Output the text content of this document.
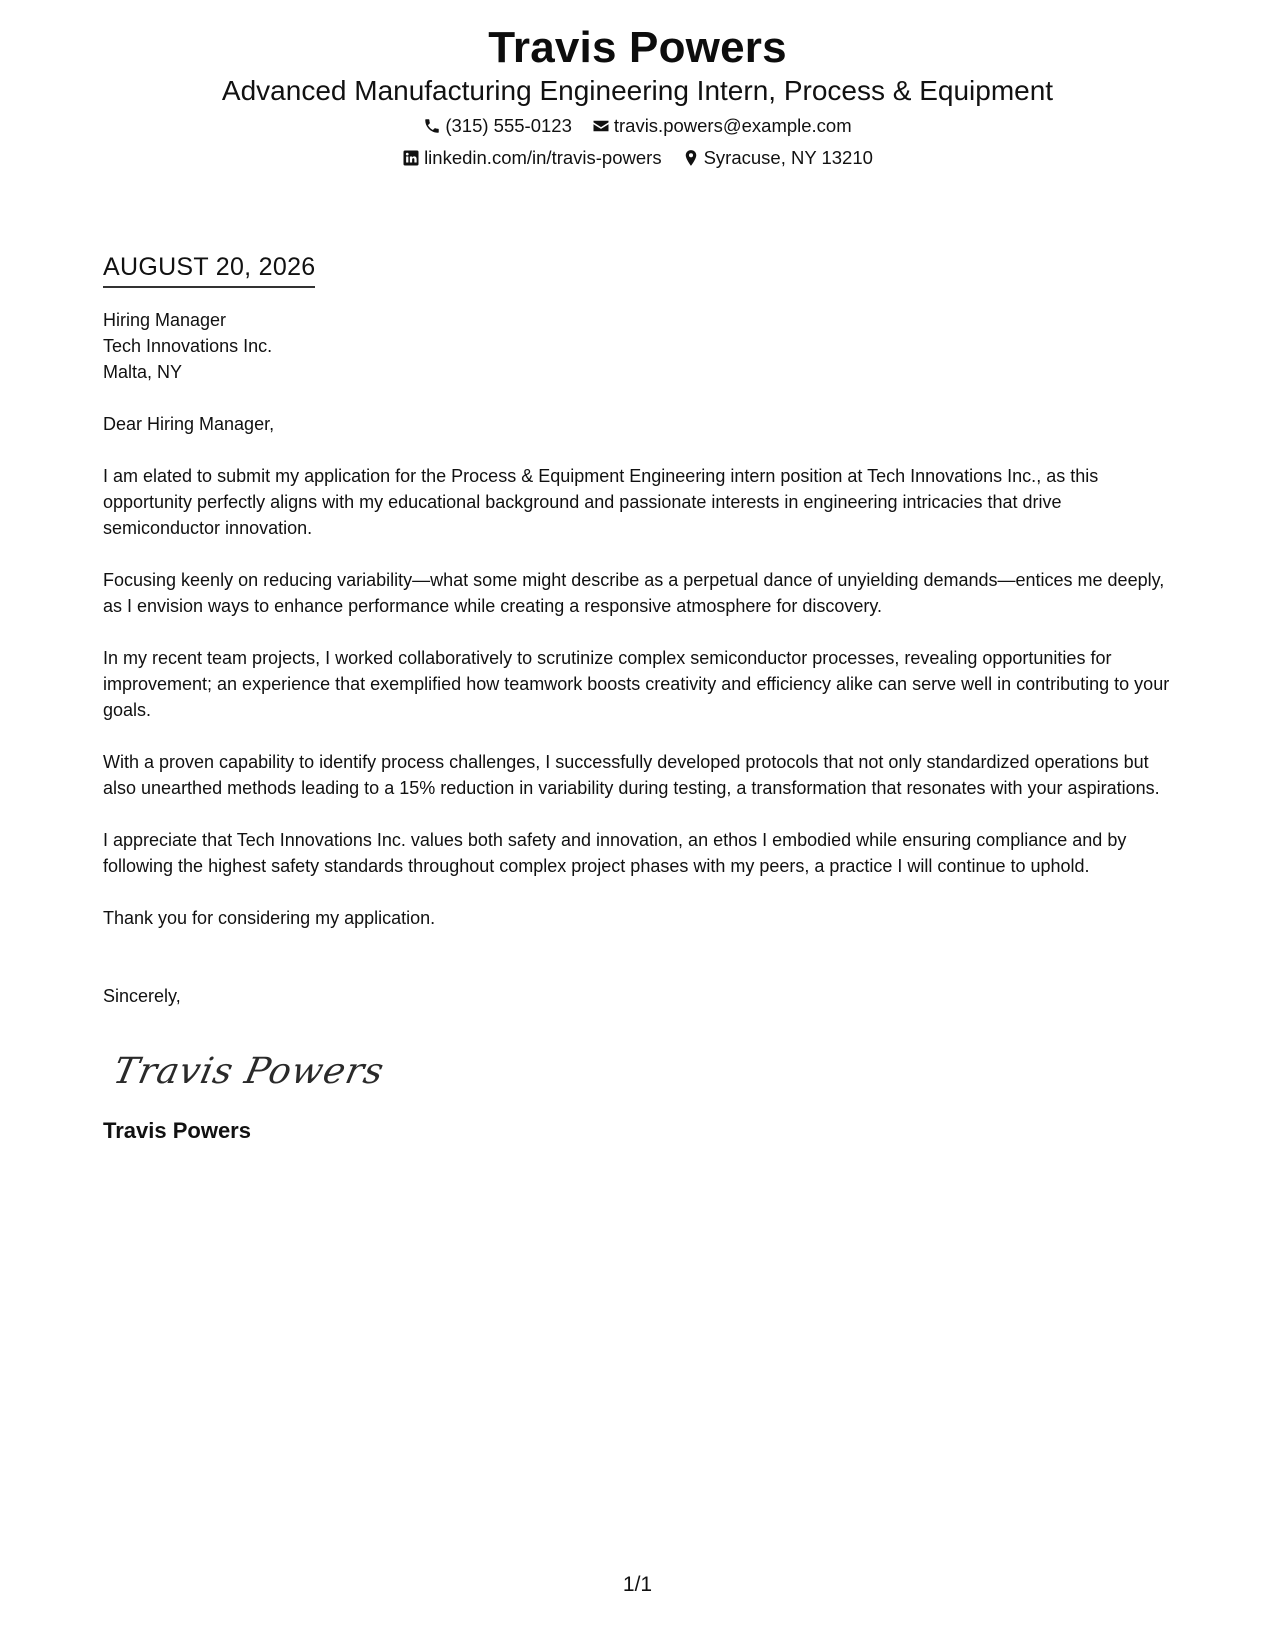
Travis Powers
Advanced Manufacturing Engineering Intern, Process & Equipment
(315) 555-0123 travis.powers@example.com
linkedin.com/in/travis-powers Syracuse, NY 13210
AUGUST 20, 2026
Hiring Manager
Tech Innovations Inc.
Malta, NY
Dear Hiring Manager,
I am elated to submit my application for the Process & Equipment Engineering intern position at Tech Innovations Inc., as this opportunity perfectly aligns with my educational background and passionate interests in engineering intricacies that drive semiconductor innovation.
Focusing keenly on reducing variability—what some might describe as a perpetual dance of unyielding demands—entices me deeply, as I envision ways to enhance performance while creating a responsive atmosphere for discovery.
In my recent team projects, I worked collaboratively to scrutinize complex semiconductor processes, revealing opportunities for improvement; an experience that exemplified how teamwork boosts creativity and efficiency alike can serve well in contributing to your goals.
With a proven capability to identify process challenges, I successfully developed protocols that not only standardized operations but also unearthed methods leading to a 15% reduction in variability during testing, a transformation that resonates with your aspirations.
I appreciate that Tech Innovations Inc. values both safety and innovation, an ethos I embodied while ensuring compliance and by following the highest safety standards throughout complex project phases with my peers, a practice I will continue to uphold.
Thank you for considering my application.
Sincerely,
Travis Powers
Travis Powers
1/1
